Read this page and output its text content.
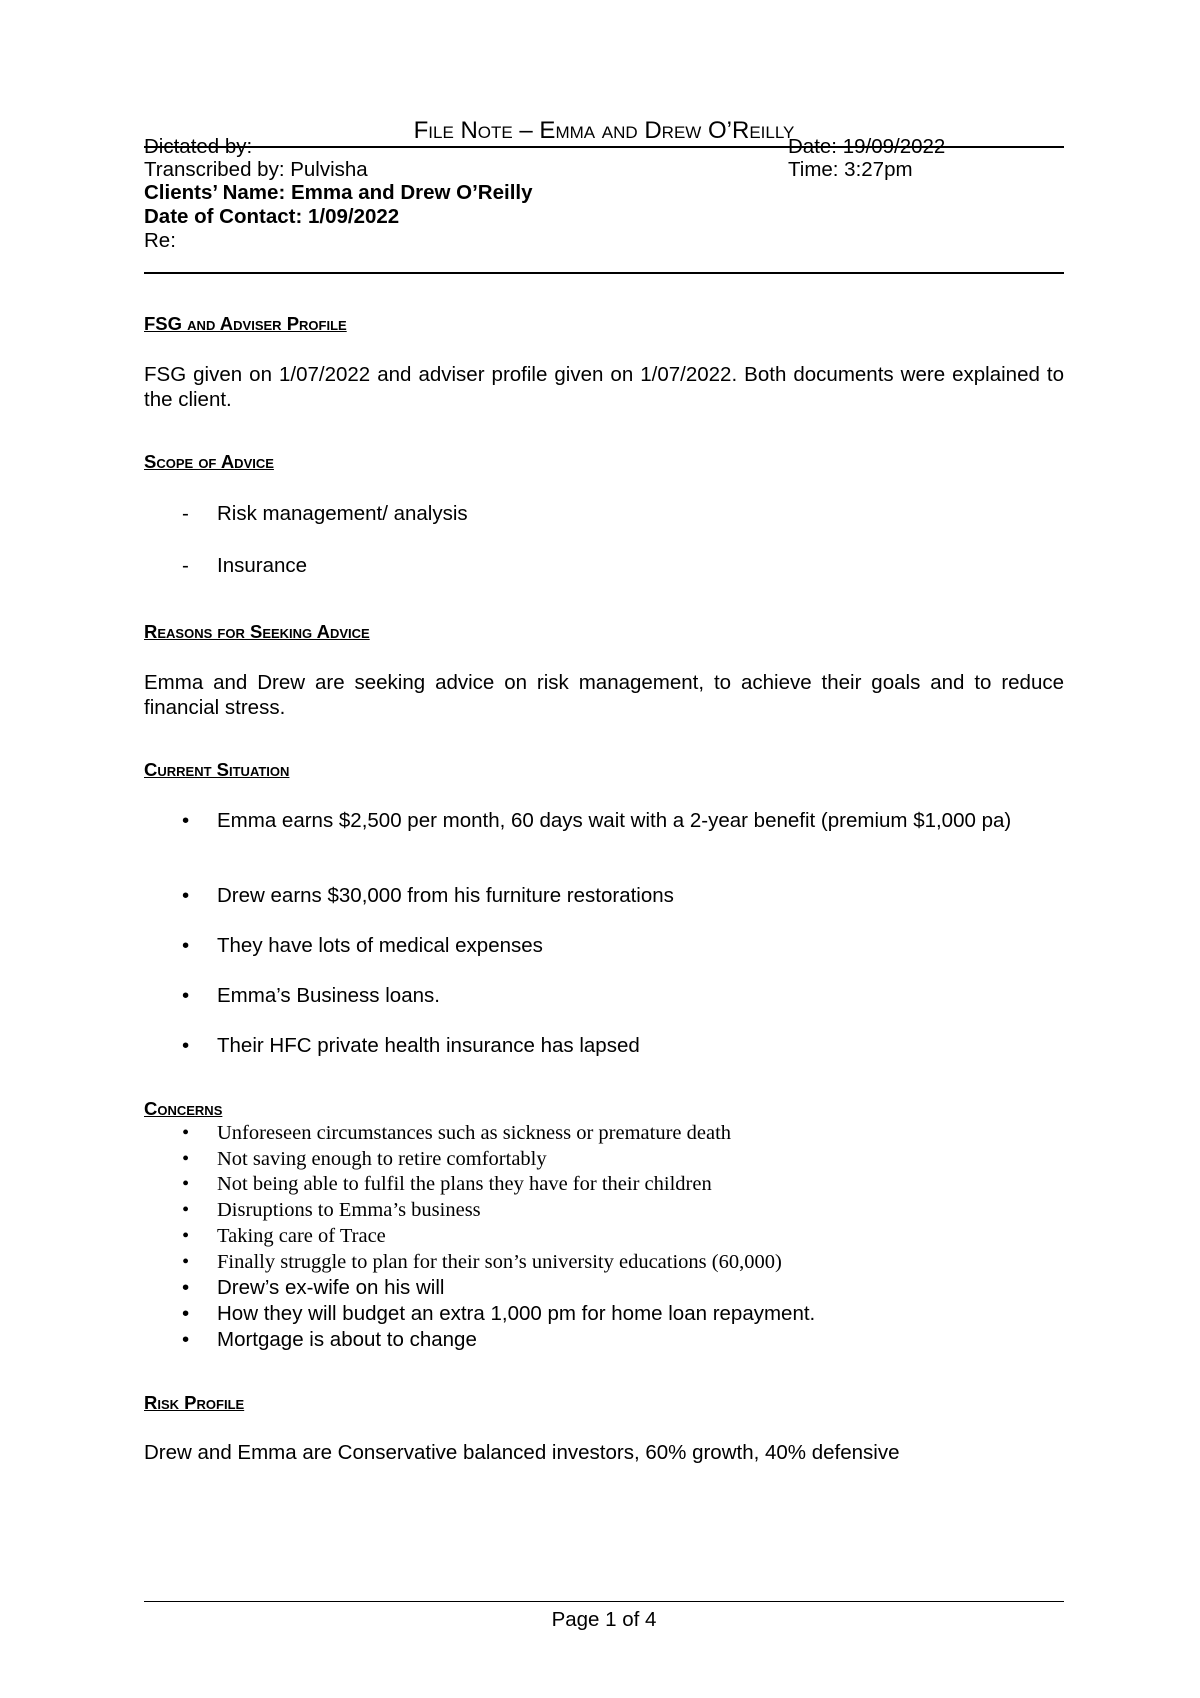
File Note – Emma and Drew O’Reilly
Dictated by:	Date: 19/09/2022
Transcribed by: Pulvisha	Time: 3:27pm
Clients’ Name: Emma and Drew O’Reilly
Date of Contact: 1/09/2022
Re:
FSG and Adviser Profile
FSG given on 1/07/2022 and adviser profile given on 1/07/2022. Both documents were explained to the client.
Scope of Advice
- Risk management/ analysis
- Insurance
Reasons for Seeking Advice
Emma and Drew are seeking advice on risk management, to achieve their goals and to reduce financial stress.
Current Situation
• Emma earns $2,500 per month, 60 days wait with a 2-year benefit (premium $1,000 pa)
• Drew earns $30,000 from his furniture restorations
• They have lots of medical expenses
• Emma’s Business loans.
• Their HFC private health insurance has lapsed
Concerns
• Unforeseen circumstances such as sickness or premature death
• Not saving enough to retire comfortably
• Not being able to fulfil the plans they have for their children
• Disruptions to Emma’s business
• Taking care of Trace
• Finally struggle to plan for their son’s university educations (60,000)
• Drew’s ex-wife on his will
• How they will budget an extra 1,000 pm for home loan repayment.
• Mortgage is about to change
Risk Profile
Drew and Emma are Conservative balanced investors, 60% growth, 40% defensive
Page 1 of 4
